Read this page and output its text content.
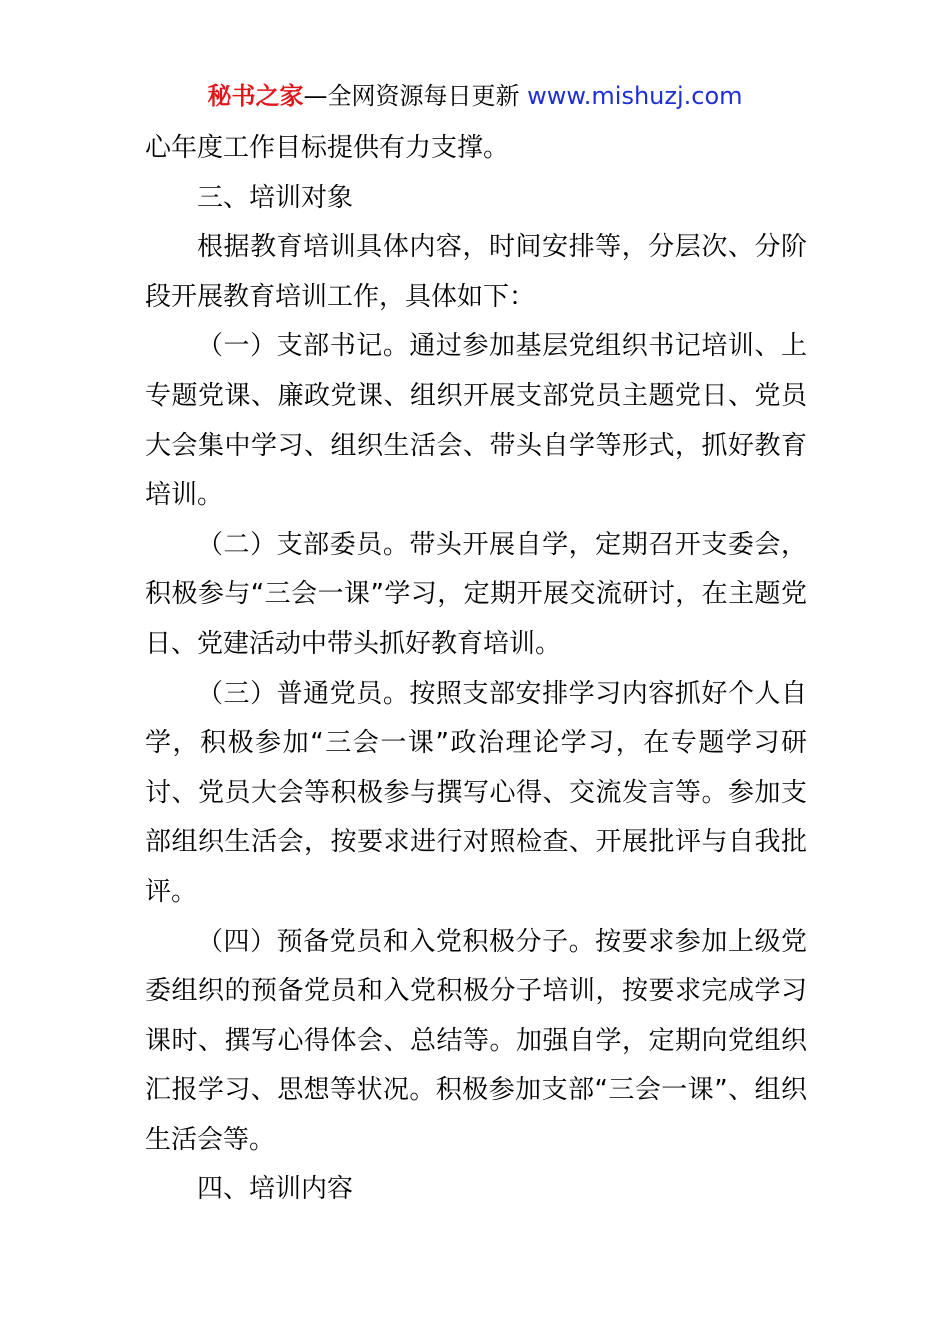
秘书之家—全网资源每日更新 www.mishuzj.com

心年度工作目标提供有力支撑。

三、培训对象

根据教育培训具体内容，时间安排等，分层次、分阶段开展教育培训工作，具体如下：

（一）支部书记。通过参加基层党组织书记培训、上专题党课、廉政党课、组织开展支部党员主题党日、党员大会集中学习、组织生活会、带头自学等形式，抓好教育培训。

（二）支部委员。带头开展自学，定期召开支委会，积极参与“三会一课”学习，定期开展交流研讨，在主题党日、党建活动中带头抓好教育培训。

（三）普通党员。按照支部安排学习内容抓好个人自学，积极参加“三会一课”政治理论学习，在专题学习研讨、党员大会等积极参与撰写心得、交流发言等。参加支部组织生活会，按要求进行对照检查、开展批评与自我批评。

（四）预备党员和入党积极分子。按要求参加上级党委组织的预备党员和入党积极分子培训，按要求完成学习课时、撰写心得体会、总结等。加强自学，定期向党组织汇报学习、思想等状况。积极参加支部“三会一课”、组织生活会等。

四、培训内容
